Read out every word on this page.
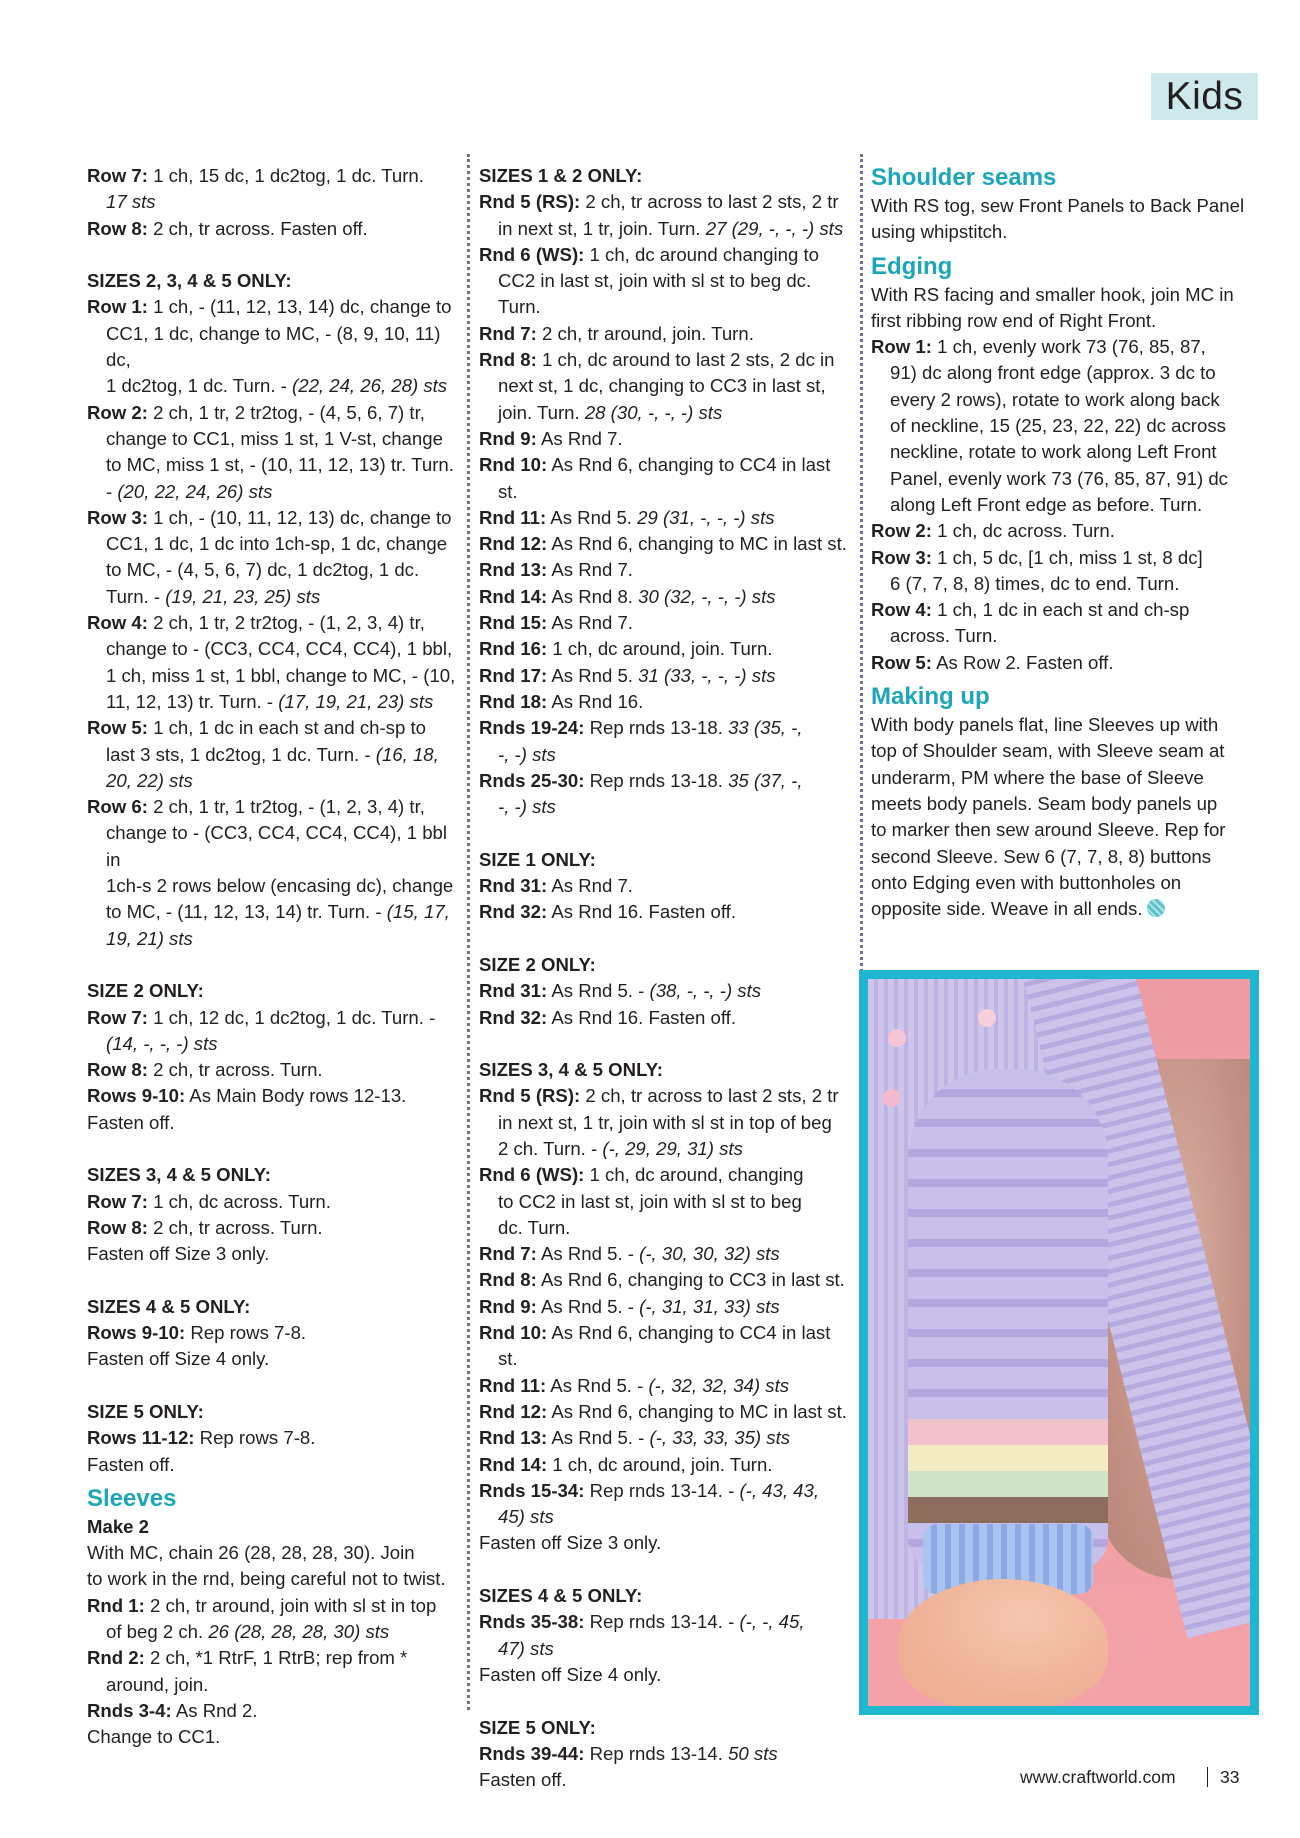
Kids
Row 7: 1 ch, 15 dc, 1 dc2tog, 1 dc. Turn.
17 sts
Row 8: 2 ch, tr across. Fasten off.
SIZES 2, 3, 4 & 5 ONLY:
Row 1: 1 ch, - (11, 12, 13, 14) dc, change to
CC1, 1 dc, change to MC, - (8, 9, 10, 11) dc,
1 dc2tog, 1 dc. Turn. - (22, 24, 26, 28) sts
Row 2: 2 ch, 1 tr, 2 tr2tog, - (4, 5, 6, 7) tr,
change to CC1, miss 1 st, 1 V-st, change
to MC, miss 1 st, - (10, 11, 12, 13) tr. Turn.
- (20, 22, 24, 26) sts
Row 3: 1 ch, - (10, 11, 12, 13) dc, change to
CC1, 1 dc, 1 dc into 1ch-sp, 1 dc, change
to MC, - (4, 5, 6, 7) dc, 1 dc2tog, 1 dc.
Turn. - (19, 21, 23, 25) sts
Row 4: 2 ch, 1 tr, 2 tr2tog, - (1, 2, 3, 4) tr,
change to - (CC3, CC4, CC4, CC4), 1 bbl,
1 ch, miss 1 st, 1 bbl, change to MC, - (10,
11, 12, 13) tr. Turn. - (17, 19, 21, 23) sts
Row 5: 1 ch, 1 dc in each st and ch-sp to
last 3 sts, 1 dc2tog, 1 dc. Turn. - (16, 18,
20, 22) sts
Row 6: 2 ch, 1 tr, 1 tr2tog, - (1, 2, 3, 4) tr,
change to - (CC3, CC4, CC4, CC4), 1 bbl in
1ch-s 2 rows below (encasing dc), change
to MC, - (11, 12, 13, 14) tr. Turn. - (15, 17,
19, 21) sts
SIZE 2 ONLY:
Row 7: 1 ch, 12 dc, 1 dc2tog, 1 dc. Turn. -
(14, -, -, -) sts
Row 8: 2 ch, tr across. Turn.
Rows 9-10: As Main Body rows 12-13.
Fasten off.
SIZES 3, 4 & 5 ONLY:
Row 7: 1 ch, dc across. Turn.
Row 8: 2 ch, tr across. Turn.
Fasten off Size 3 only.
SIZES 4 & 5 ONLY:
Rows 9-10: Rep rows 7-8.
Fasten off Size 4 only.
SIZE 5 ONLY:
Rows 11-12: Rep rows 7-8.
Fasten off.
Sleeves
Make 2
With MC, chain 26 (28, 28, 28, 30). Join
to work in the rnd, being careful not to twist.
Rnd 1: 2 ch, tr around, join with sl st in top
of beg 2 ch. 26 (28, 28, 28, 30) sts
Rnd 2: 2 ch, *1 RtrF, 1 RtrB; rep from *
around, join.
Rnds 3-4: As Rnd 2.
Change to CC1.
SIZES 1 & 2 ONLY:
Rnd 5 (RS): 2 ch, tr across to last 2 sts, 2 tr
in next st, 1 tr, join. Turn. 27 (29, -, -, -) sts
Rnd 6 (WS): 1 ch, dc around changing to
CC2 in last st, join with sl st to beg dc. Turn.
Rnd 7: 2 ch, tr around, join. Turn.
Rnd 8: 1 ch, dc around to last 2 sts, 2 dc in
next st, 1 dc, changing to CC3 in last st,
join. Turn. 28 (30, -, -, -) sts
Rnd 9: As Rnd 7.
Rnd 10: As Rnd 6, changing to CC4 in last st.
Rnd 11: As Rnd 5. 29 (31, -, -, -) sts
Rnd 12: As Rnd 6, changing to MC in last st.
Rnd 13: As Rnd 7.
Rnd 14: As Rnd 8. 30 (32, -, -, -) sts
Rnd 15: As Rnd 7.
Rnd 16: 1 ch, dc around, join. Turn.
Rnd 17: As Rnd 5. 31 (33, -, -, -) sts
Rnd 18: As Rnd 16.
Rnds 19-24: Rep rnds 13-18. 33 (35, -,
-, -) sts
Rnds 25-30: Rep rnds 13-18. 35 (37, -,
-, -) sts
SIZE 1 ONLY:
Rnd 31: As Rnd 7.
Rnd 32: As Rnd 16. Fasten off.
SIZE 2 ONLY:
Rnd 31: As Rnd 5. - (38, -, -, -) sts
Rnd 32: As Rnd 16. Fasten off.
SIZES 3, 4 & 5 ONLY:
Rnd 5 (RS): 2 ch, tr across to last 2 sts, 2 tr
in next st, 1 tr, join with sl st in top of beg
2 ch. Turn. - (-, 29, 29, 31) sts
Rnd 6 (WS): 1 ch, dc around, changing
to CC2 in last st, join with sl st to beg
dc. Turn.
Rnd 7: As Rnd 5. - (-, 30, 30, 32) sts
Rnd 8: As Rnd 6, changing to CC3 in last st.
Rnd 9: As Rnd 5. - (-, 31, 31, 33) sts
Rnd 10: As Rnd 6, changing to CC4 in last st.
Rnd 11: As Rnd 5. - (-, 32, 32, 34) sts
Rnd 12: As Rnd 6, changing to MC in last st.
Rnd 13: As Rnd 5. - (-, 33, 33, 35) sts
Rnd 14: 1 ch, dc around, join. Turn.
Rnds 15-34: Rep rnds 13-14. - (-, 43, 43,
45) sts
Fasten off Size 3 only.
SIZES 4 & 5 ONLY:
Rnds 35-38: Rep rnds 13-14. - (-, -, 45,
47) sts
Fasten off Size 4 only.
SIZE 5 ONLY:
Rnds 39-44: Rep rnds 13-14. 50 sts
Fasten off.
Shoulder seams
With RS tog, sew Front Panels to Back Panel
using whipstitch.
Edging
With RS facing and smaller hook, join MC in
first ribbing row end of Right Front.
Row 1: 1 ch, evenly work 73 (76, 85, 87,
91) dc along front edge (approx. 3 dc to
every 2 rows), rotate to work along back
of neckline, 15 (25, 23, 22, 22) dc across
neckline, rotate to work along Left Front
Panel, evenly work 73 (76, 85, 87, 91) dc
along Left Front edge as before. Turn.
Row 2: 1 ch, dc across. Turn.
Row 3: 1 ch, 5 dc, [1 ch, miss 1 st, 8 dc]
6 (7, 7, 8, 8) times, dc to end. Turn.
Row 4: 1 ch, 1 dc in each st and ch-sp
across. Turn.
Row 5: As Row 2. Fasten off.
Making up
With body panels flat, line Sleeves up with
top of Shoulder seam, with Sleeve seam at
underarm, PM where the base of Sleeve
meets body panels. Seam body panels up
to marker then sew around Sleeve. Rep for
second Sleeve. Sew 6 (7, 7, 8, 8) buttons
onto Edging even with buttonholes on
opposite side. Weave in all ends.
www.craftworld.com	33
